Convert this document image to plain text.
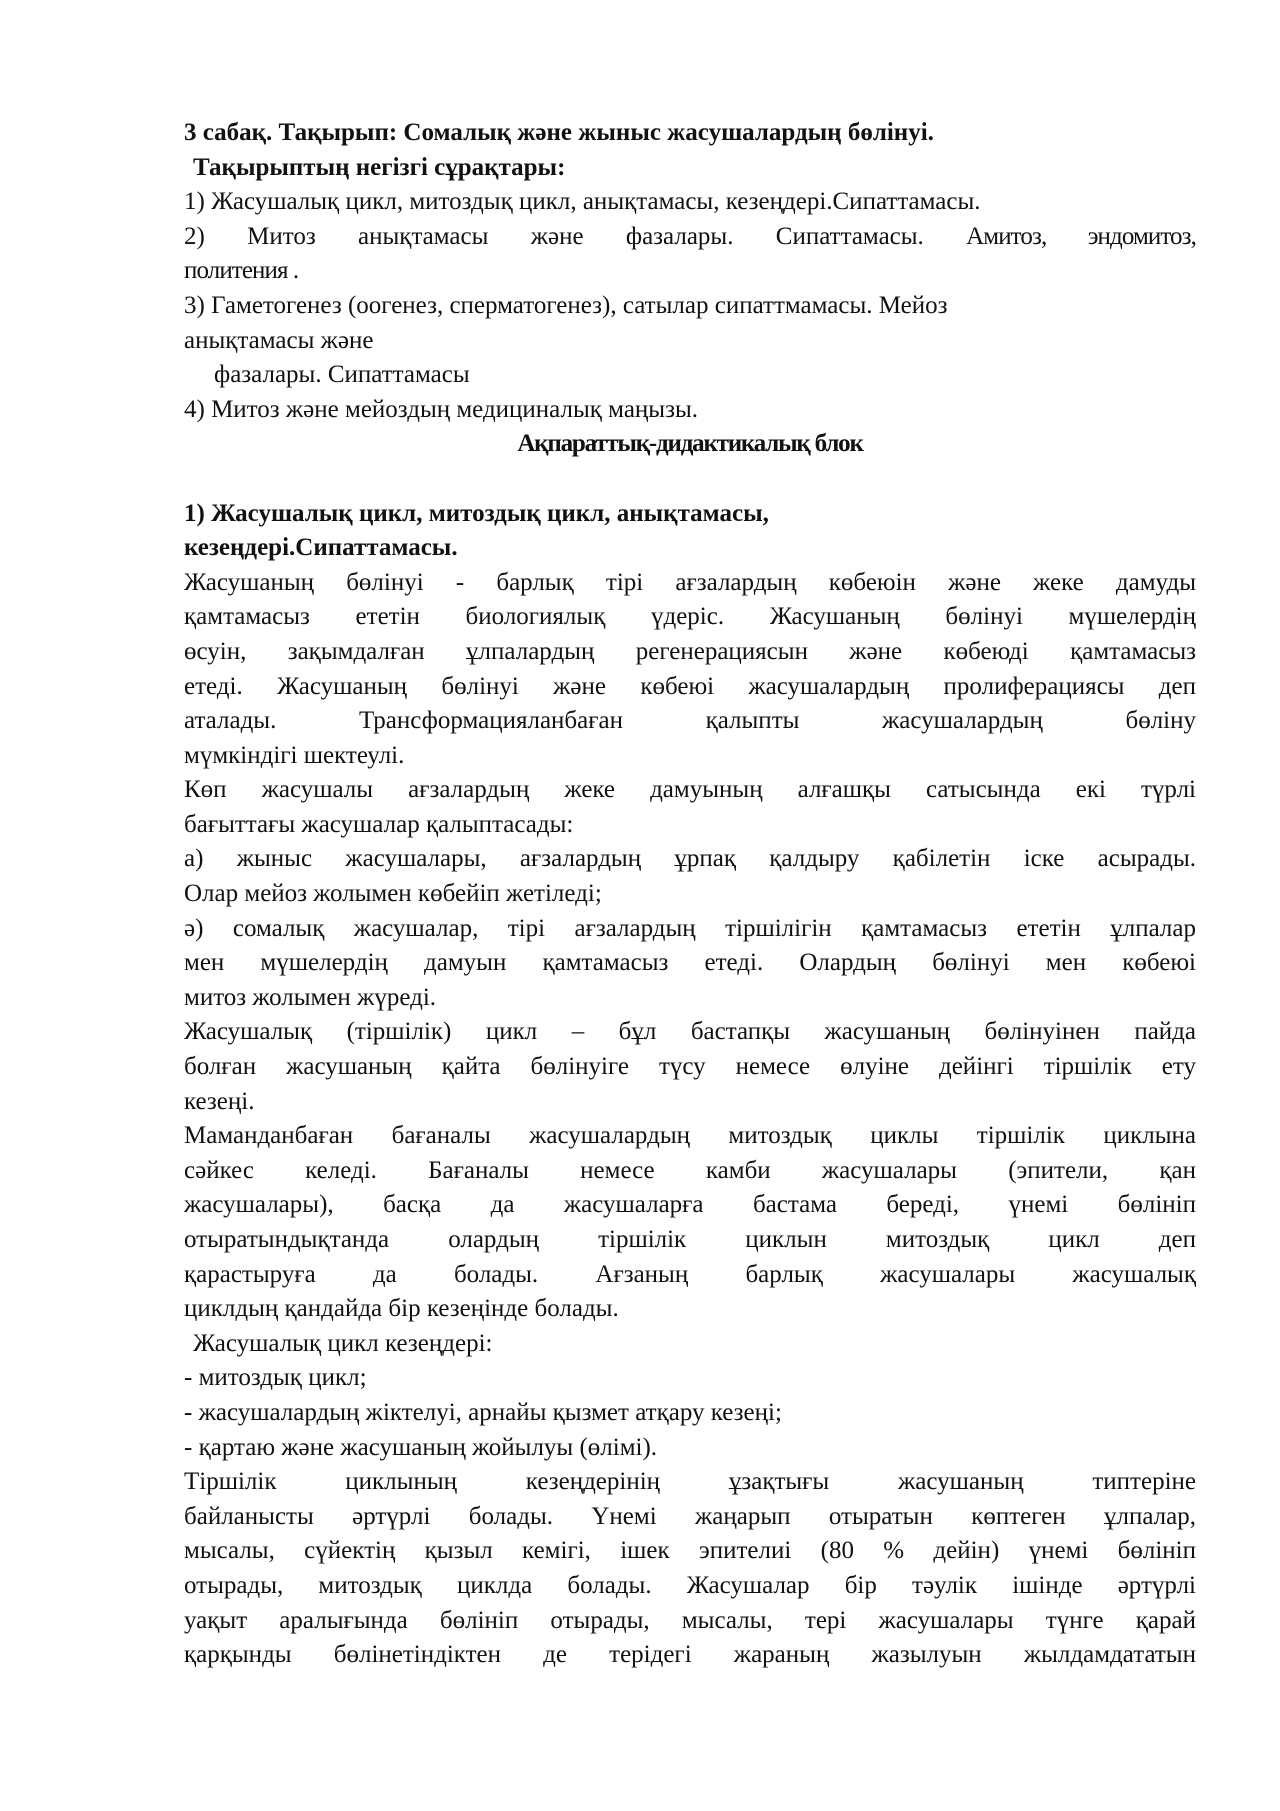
3 сабақ. Тақырып: Сомалық және жыныс жасушалардың бөлінуі.

Тақырыптың негізгі сұрақтары:

1) Жасушалық цикл, митоздық цикл, анықтамасы, кезеңдері.Сипаттамасы.

2) Митоз анықтамасы және фазалары. Сипаттамасы. Амитоз, эндомитоз,

политения .

3) Гаметогенез (оогенез, сперматогенез), сатылар сипаттмамасы. Мейоз

анықтамасы және

фазалары. Сипаттамасы

4) Митоз және мейоздың медициналық маңызы.

Ақпараттық-дидактикалық блок

1) Жасушалық цикл, митоздық цикл, анықтамасы,

кезеңдері.Сипаттамасы.

Жасушаның бөлінуі - барлық тірі ағзалардың көбеюін және жеке дамуды

қамтамасыз ететін биологиялық үдеріс. Жасушаның бөлінуі мүшелердің

өсуін, зақымдалған ұлпалардың регенерациясын және көбеюді қамтамасыз

етеді. Жасушаның бөлінуі және көбеюі жасушалардың пролиферациясы деп

аталады. Трансформацияланбаған қалыпты жасушалардың бөліну

мүмкіндігі шектеулі.

Көп жасушалы ағзалардың жеке дамуының алғашқы сатысында екі түрлі

бағыттағы жасушалар қалыптасады:

а) жыныс жасушалары, ағзалардың ұрпақ қалдыру қабілетін іске асырады.

Олар мейоз жолымен көбейіп жетіледі;

ә) сомалық жасушалар, тірі ағзалардың тіршілігін қамтамасыз ететін ұлпалар

мен мүшелердің дамуын қамтамасыз етеді. Олардың бөлінуі мен көбеюі

митоз жолымен жүреді.

Жасушалық (тіршілік) цикл – бұл бастапқы жасушаның бөлінуінен пайда

болған жасушаның қайта бөлінуіге түсу немесе өлуіне дейінгі тіршілік ету

кезеңі.

Маманданбаған бағаналы жасушалардың митоздық циклы тіршілік циклына

сәйкес келеді. Бағаналы немесе камби жасушалары (эпители, қан

жасушалары), басқа да жасушаларға бастама береді, үнемі бөлініп

отыратындықтанда олардың тіршілік циклын митоздық цикл деп

қарастыруға да болады. Ағзаның барлық жасушалары жасушалық

циклдың қандайда бір кезеңінде болады.

Жасушалық цикл кезеңдері:

- митоздық цикл;

- жасушалардың жіктелуі, арнайы қызмет атқару кезеңі;

- қартаю және жасушаның жойылуы (өлімі).

Тіршілік циклының кезеңдерінің ұзақтығы жасушаның типтеріне

байланысты әртүрлі болады. Үнемі жаңарып отыратын көптеген ұлпалар,

мысалы, сүйектің қызыл кемігі, ішек эпителиі (80 % дейін) үнемі бөлініп

отырады, митоздық циклда болады. Жасушалар бір тәулік ішінде әртүрлі

уақыт аралығында бөлініп отырады, мысалы, тері жасушалары түнге қарай

қарқынды бөлінетіндіктен де терідегі жараның жазылуын жылдамдататын
